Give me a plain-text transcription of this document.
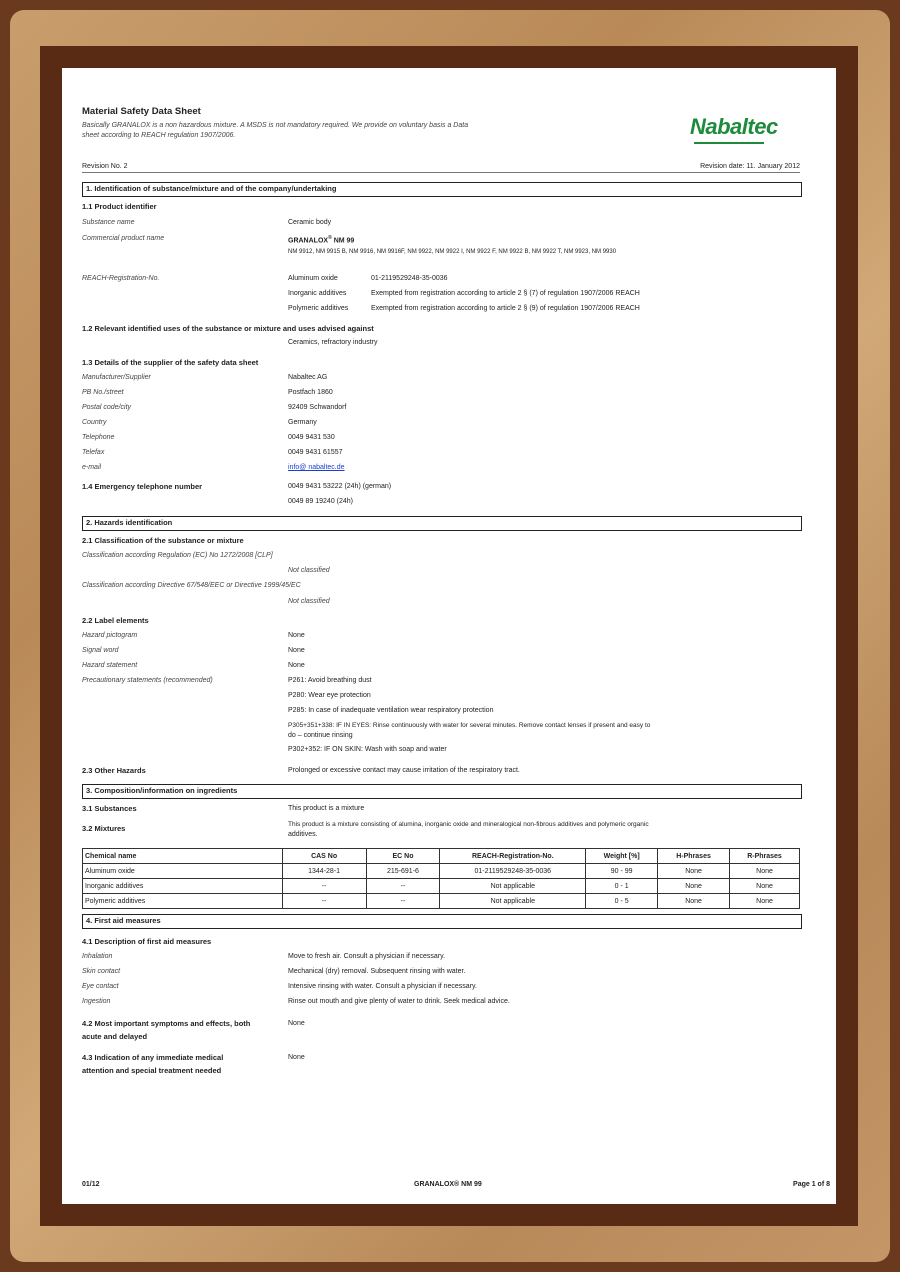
Material Safety Data Sheet
Basically GRANALOX is a non hazardous mixture. A MSDS is not mandatory required. We provide on voluntary basis a Data
sheet according to REACH regulation 1907/2006.	Nabaltec
Revision No. 2	Revision date: 11. January 2012
1. Identification of substance/mixture and of the company/undertaking
1.1 Product identifier
Substance name	Ceramic body
Commercial product name	GRANALOX® NM 99
NM 9912, NM 9915 B, NM 9916, NM 9916F, NM 9922, NM 9922 I, NM 9922 F, NM 9922 B, NM 9922 T, NM 9923, NM 9930
REACH-Registration-No.	Aluminum oxide	01-2119529248-35-0036
Inorganic additives	Exempted from registration according to article 2 § (7) of regulation 1907/2006 REACH
Polymeric additives	Exempted from registration according to article 2 § (9) of regulation 1907/2006 REACH
1.2 Relevant identified uses of the substance or mixture and uses advised against
Ceramics, refractory industry
1.3 Details of the supplier of the safety data sheet
Manufacturer/Supplier	Nabaltec AG
PB No./street	Postfach 1860
Postal code/city	92409 Schwandorf
Country	Germany
Telephone	0049 9431 530
Telefax	0049 9431 61557
e-mail	info@ nabaltec.de
1.4 Emergency telephone number	0049 9431 53222 (24h) (german)
0049 89 19240 (24h)
2. Hazards identification
2.1 Classification of the substance or mixture
Classification according Regulation (EC) No 1272/2008 [CLP]
Not classified
Classification according Directive 67/548/EEC or Directive 1999/45/EC
Not classified
2.2 Label elements
Hazard pictogram	None
Signal word	None
Hazard statement	None
Precautionary statements (recommended)	P261: Avoid breathing dust
P280: Wear eye protection
P285: In case of inadequate ventilation wear respiratory protection
P305+351+338: IF IN EYES: Rinse continuously with water for several minutes. Remove contact lenses if present and easy to
do – continue rinsing
P302+352: IF ON SKIN: Wash with soap and water
2.3 Other Hazards	Prolonged or excessive contact may cause irritation of the respiratory tract.
3. Composition/information on ingredients
3.1 Substances	This product is a mixture
3.2 Mixtures	This product is a mixture consisting of alumina, inorganic oxide and mineralogical non-fibrous additives and polymeric organic
additives.
Chemical name	CAS No	EC No	REACH-Registration-No.	Weight [%]	H-Phrases	R-Phrases
Aluminum oxide	1344-28-1	215-691-6	01-2119529248-35-0036	90 - 99	None	None
Inorganic additives	--	--	Not applicable	0 - 1	None	None
Polymeric additives	--	--	Not applicable	0 - 5	None	None
4. First aid measures
4.1 Description of first aid measures
Inhalation	Move to fresh air. Consult a physician if necessary.
Skin contact	Mechanical (dry) removal. Subsequent rinsing with water.
Eye contact	Intensive rinsing with water. Consult a physician if necessary.
Ingestion	Rinse out mouth and give plenty of water to drink. Seek medical advice.
4.2 Most important symptoms and effects, both
acute and delayed
None
4.3 Indication of any immediate medical
attention and special treatment needed
None
01/12	GRANALOX® NM 99	Page 1 of 8
